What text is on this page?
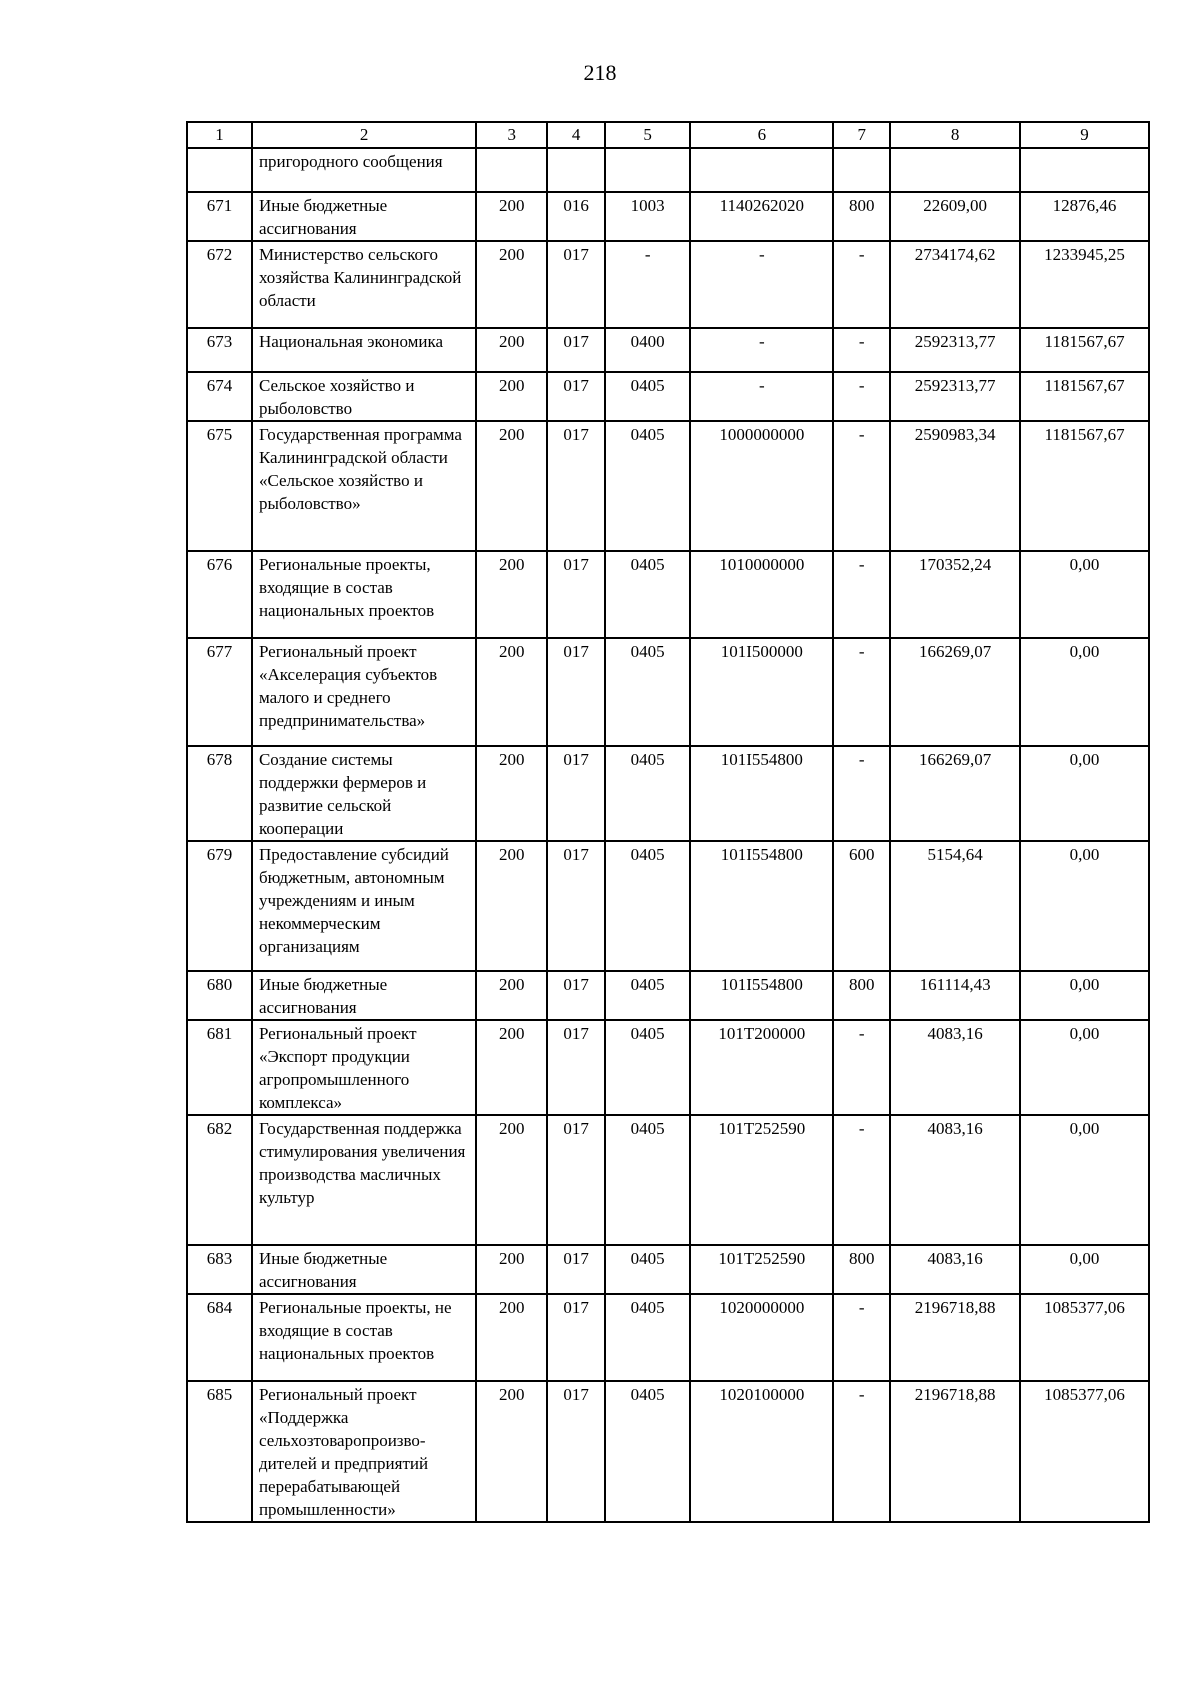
218
1	2	3	4	5	6	7	8	9
	пригородного сообщения							
671	Иные бюджетные ассигнования	200	016	1003	1140262020	800	22609,00	12876,46
672	Министерство сельского хозяйства Калининградской области	200	017	-	-	-	2734174,62	1233945,25
673	Национальная экономика	200	017	0400	-	-	2592313,77	1181567,67
674	Сельское хозяйство и рыболовство	200	017	0405	-	-	2592313,77	1181567,67
675	Государственная программа Калининградской области «Сельское хозяйство и рыболовство»	200	017	0405	1000000000	-	2590983,34	1181567,67
676	Региональные проекты, входящие в состав национальных проектов	200	017	0405	1010000000	-	170352,24	0,00
677	Региональный проект «Акселерация субъектов малого и среднего предпринимательства»	200	017	0405	101I500000	-	166269,07	0,00
678	Создание системы поддержки фермеров и развитие сельской кооперации	200	017	0405	101I554800	-	166269,07	0,00
679	Предоставление субсидий бюджетным, автономным учреждениям и иным некоммерческим организациям	200	017	0405	101I554800	600	5154,64	0,00
680	Иные бюджетные ассигнования	200	017	0405	101I554800	800	161114,43	0,00
681	Региональный проект «Экспорт продукции агропромышленного комплекса»	200	017	0405	101T200000	-	4083,16	0,00
682	Государственная поддержка стимулирования увеличения производства масличных культур	200	017	0405	101T252590	-	4083,16	0,00
683	Иные бюджетные ассигнования	200	017	0405	101T252590	800	4083,16	0,00
684	Региональные проекты, не входящие в состав национальных проектов	200	017	0405	1020000000	-	2196718,88	1085377,06
685	Региональный проект «Поддержка сельхозтоваропроизво-дителей и предприятий перерабатывающей промышленности»	200	017	0405	1020100000	-	2196718,88	1085377,06
